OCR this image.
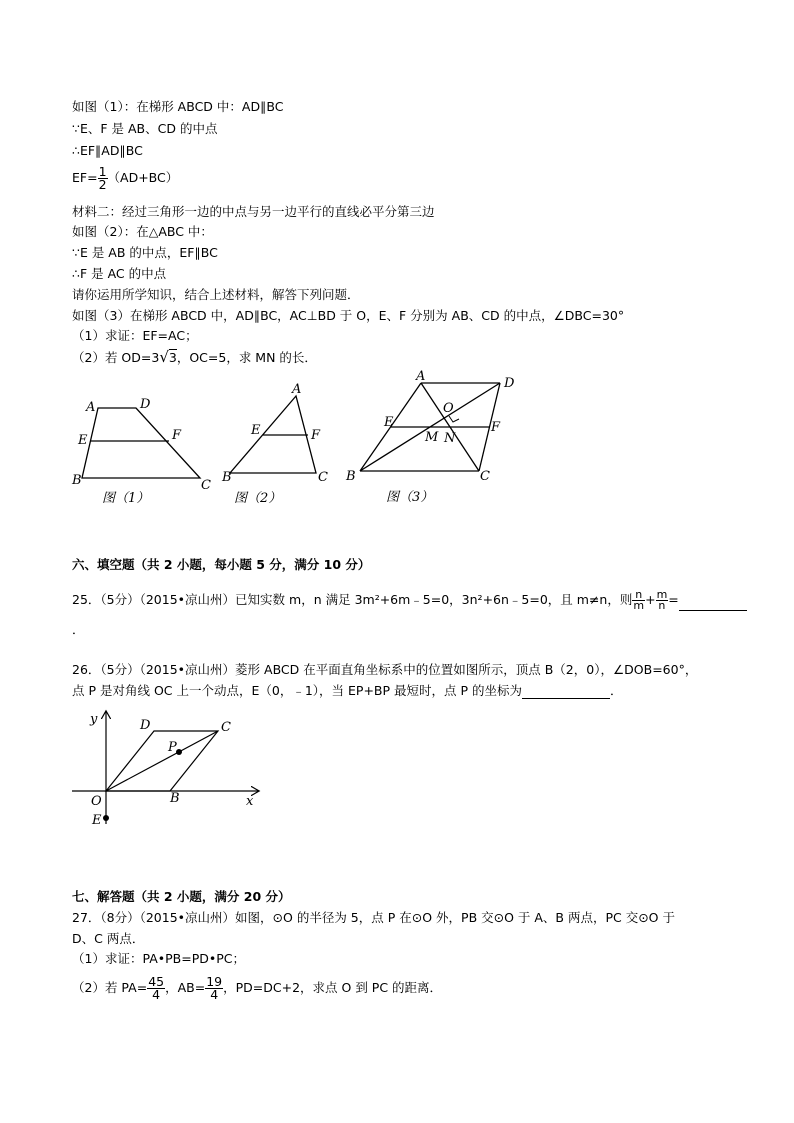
如图（1）：在梯形 ABCD 中：AD∥BC
∵E、F 是 AB、CD 的中点
∴EF∥AD∥BC
$EF= \frac{1}{2} (AD+BC)$
材料二：经过三角形一边的中点与另一边平行的直线必平分第三边
如图（2）：在△ABC 中：
∵E 是 AB 的中点，EF∥BC
∴F 是 AC 的中点
请你运用所学知识，结合上述材料，解答下列问题．
如图（3）在梯形 ABCD 中，AD∥BC，AC⊥BD 于 O，E、F 分别为 AB、CD 的中点，∠DBC=30°
（1）求证：EF=AC；
（2）若 OD=3√3，OC=5，求 MN 的长．
A	D
E	F
B	C
图（1）
A
E	F
B	C
图（2）
A	D
O
E	F
M N
B	C
图（3）
六、填空题（共 2 小题，每小题 5 分，满分 10 分）
25．（5分）（2015•凉山州）已知实数 m，n 满足 3m²+6m﹣5=0，3n²+6n﹣5=0，且 m≠n，则 $\frac{n}{m} + \frac{m}{n}$ =
．
26．（5分）（2015•凉山州）菱形 ABCD 在平面直角坐标系中的位置如图所示，顶点 B（2，0），∠DOB=60°，
点 P 是对角线 OC 上一个动点，E（0，﹣1），当 EP+BP 最短时，点 P 的坐标为	．
y
x
O	B
C
D
P
E
七、解答题（共 2 小题，满分 20 分）
27．（8分）（2015•凉山州）如图，⊙O 的半径为 5，点 P 在⊙O 外，PB 交⊙O 于 A、B 两点，PC 交⊙O 于
D、C 两点．
（1）求证：PA•PB=PD•PC；
（2）若 $PA= \frac{45}{4}$ ，$AB= \frac{19}{4}$ ，PD=DC+2，求点 O 到 PC 的距离．
